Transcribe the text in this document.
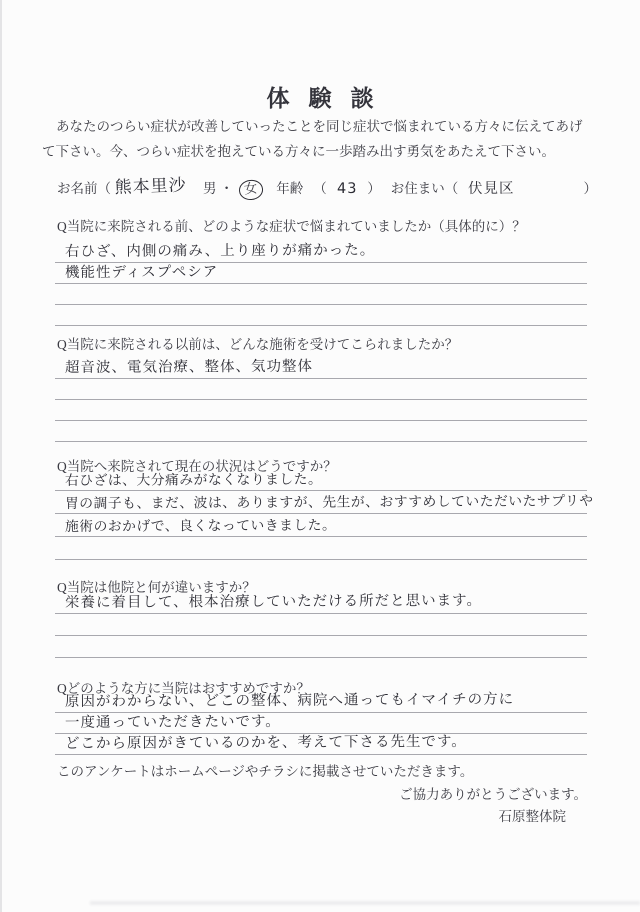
体験談
あなたのつらい症状が改善していったことを同じ症状で悩まれている方々に伝えてあげ
て下さい。今、つらい症状を抱えている方々に一歩踏み出す勇気をあたえて下さい。
お名前 （ 熊本里沙 男 ・ 女	年齢 （ 43 ） お住まい （ 伏見区	）
Q当院に来院される前、どのような症状で悩まれていましたか（具体的に）？
右ひざ、内側の痛み、上り座りが痛かった。
機能性ディスプペシア
Q当院に来院される以前は、どんな施術を受けてこられましたか？
超音波、電気治療、整体、気功整体
Q当院へ来院されて現在の状況はどうですか？
右ひざは、大分痛みがなくなりました。
胃の調子も、まだ、波は、ありますが、先生が、おすすめしていただいたサプリや
施術のおかげで、良くなっていきました。
Q当院は他院と何が違いますか？
栄養に着目して、根本治療していただける所だと思います。
Qどのような方に当院はおすすめですか？
原因がわからない、どこの整体、病院へ通ってもイマイチの方に
一度通っていただきたいです。
どこから原因がきているのかを、考えて下さる先生です。
このアンケートはホームページやチラシに掲載させていただきます。
ご協力ありがとうございます。
石原整体院
